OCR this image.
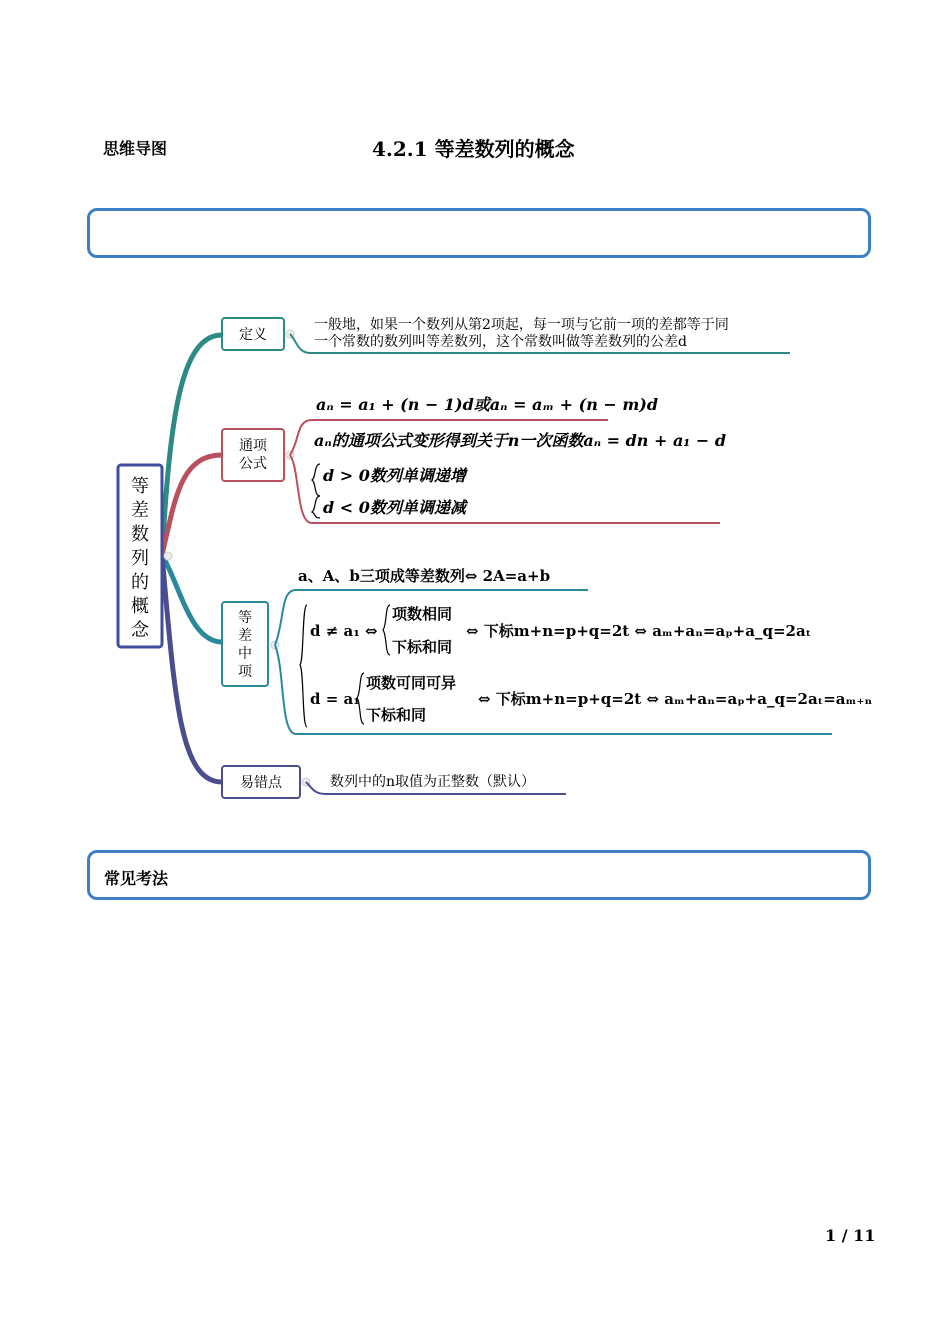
思维导图	4.2.1 等差数列的概念
等
差
数
列
的
概
念
定义
一般地，如果一个数列从第2项起，每一项与它前一项的差都等于同
一个常数的数列叫等差数列，这个常数叫做等差数列的公差d
通项
公式
aₙ = a₁ + (n − 1)d或aₙ = aₘ + (n − m)d
aₙ的通项公式变形得到关于n一次函数aₙ = dn + a₁ − d
d > 0数列单调递增
d < 0数列单调递减
等
差
中
项
a、A、b三项成等差数列⇔ 2A=a+b
d ≠ a₁ ⇔
项数相同
下标和同
⇔ 下标m+n=p+q=2t ⇔ aₘ+aₙ=aₚ+a_q=2aₜ
d = a₁
项数可同可异
下标和同
⇔ 下标m+n=p+q=2t ⇔ aₘ+aₙ=aₚ+a_q=2aₜ=aₘ₊ₙ
易错点	数列中的n取值为正整数（默认）
常见考法
1 / 11
